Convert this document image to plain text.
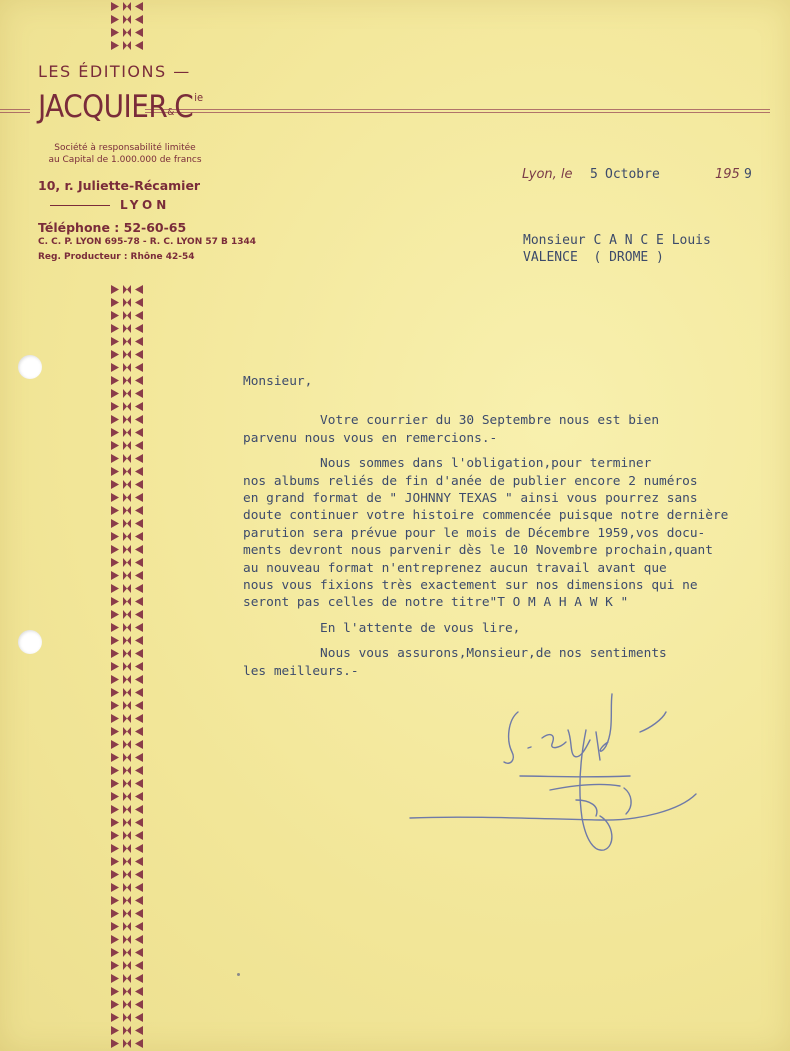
LES ÉDITIONS —
$JACQUIER\&C^{ie}$
Société à responsabilité limitée
au Capital de 1.000.000 de francs
10, r. Juliette-Récamier
LYON
Téléphone : 52-60-65
C. C. P. LYON 695-78 - R. C. LYON 57 B 1344
Reg. Producteur : Rhône 42-54
Lyon, le 5 Octobre	195 9
Monsieur C A N C E Louis
VALENCE  ( DROME )

Monsieur,

Votre courrier du 30 Septembre nous est bien

parvenu nous vous en remercions.-

Nous sommes dans l'obligation,pour terminer

nos albums reliés de fin d'anée de publier encore 2 numéros

en grand format de " JOHNNY TEXAS " ainsi vous pourrez sans

doute continuer votre histoire commencée puisque notre dernière

parution sera prévue pour le mois de Décembre 1959,vos docu-

ments devront nous parvenir dès le 10 Novembre prochain,quant

au nouveau format n'entreprenez aucun travail avant que

nous vous fixions très exactement sur nos dimensions qui ne

seront pas celles de notre titre"T O M A H A W K "

En l'attente de vous lire,

Nous vous assurons,Monsieur,de nos sentiments

les meilleurs.-
